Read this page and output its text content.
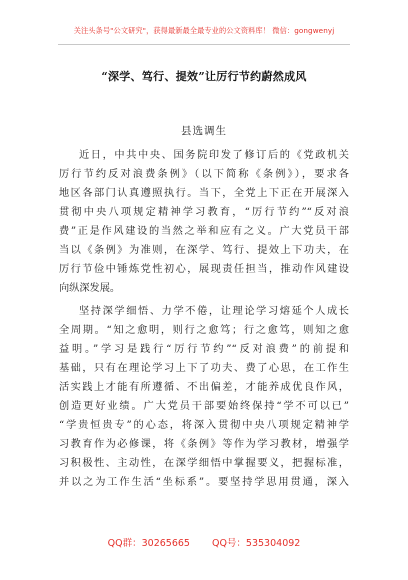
关注头条号"公文研究"，获得最新最全最专业的公文资料库！ 微信：gongwenyj
“深学、笃行、提效”让厉行节约蔚然成风
县选调生
近日，中共中央、国务院印发了修订后的《党政机关
厉行节约反对浪费条例》（以下简称《条例》），要求各
地区各部门认真遵照执行。当下，全党上下正在开展深入
贯彻中央八项规定精神学习教育，“厉行节约”“反对浪
费”正是作风建设的当然之举和应有之义。广大党员干部
当以《条例》为准则，在深学、笃行、提效上下功夫，在
厉行节俭中锤炼党性初心，展现责任担当，推动作风建设
向纵深发展。
坚持深学细悟、力学不倦，让理论学习熔延个人成长
全周期。“知之愈明，则行之愈笃；行之愈笃，则知之愈
益明。”学习是践行“厉行节约”“反对浪费”的前提和
基础，只有在理论学习上下了功夫、费了心思，在工作生
活实践上才能有所遵循、不出偏差，才能养成优良作风，
创造更好业绩。广大党员干部要始终保持“学不可以已”
“学贵恒贵专”的心态，将深入贯彻中央八项规定精神学
习教育作为必修课，将《条例》等作为学习教材，增强学
习积极性、主动性，在深学细悟中掌握要义，把握标准，
并以之为工作生活“坐标系”。要坚持学思用贯通，深入
QQ群：30265665 QQ号：535304092
